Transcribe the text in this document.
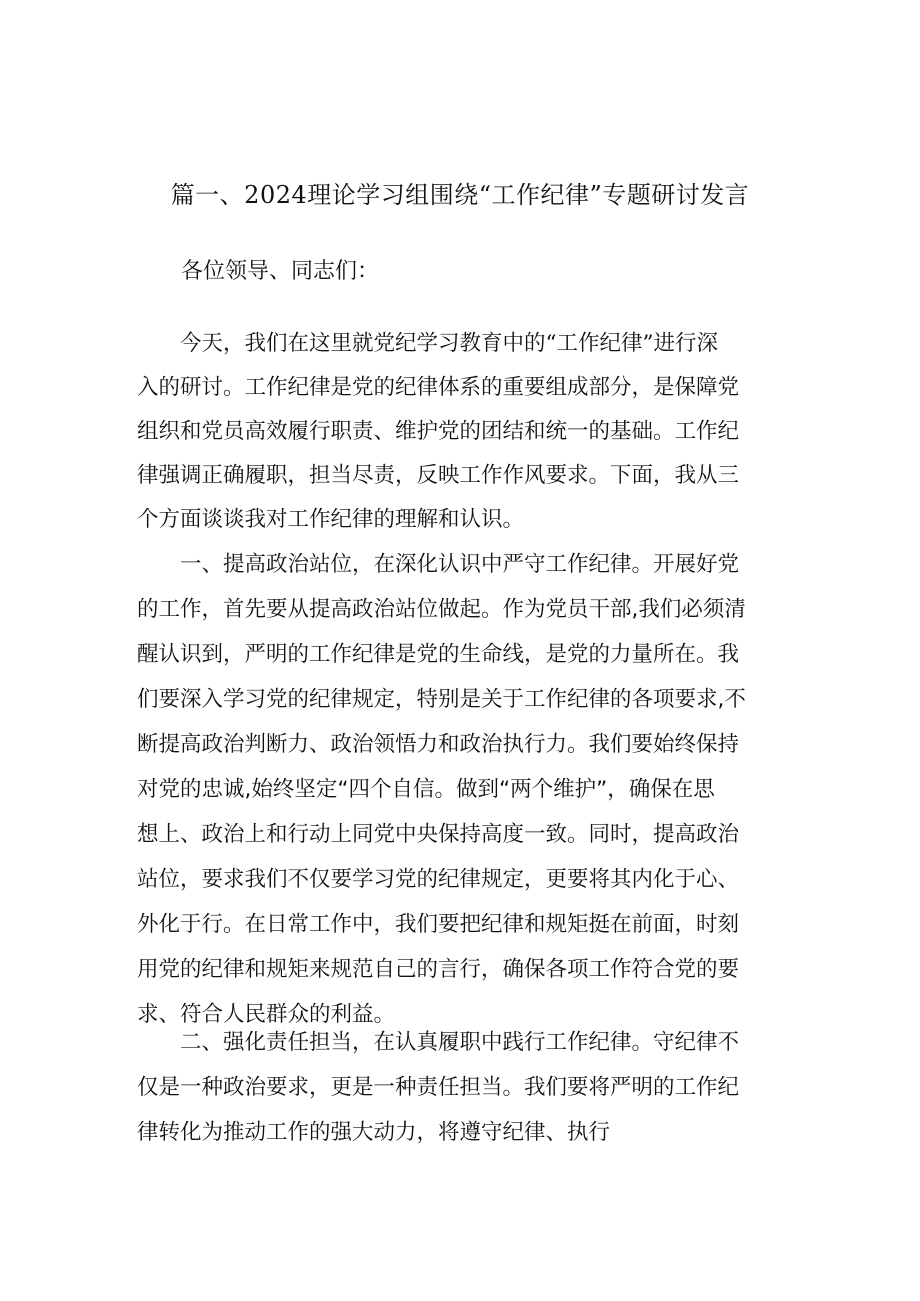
篇一、2024理论学习组围绕“工作纪律”专题研讨发言
各位领导、同志们：
今天，我们在这里就党纪学习教育中的“工作纪律”进行深
入的研讨。工作纪律是党的纪律体系的重要组成部分，是保障党
组织和党员高效履行职责、维护党的团结和统一的基础。工作纪
律强调正确履职，担当尽责，反映工作作风要求。下面，我从三
个方面谈谈我对工作纪律的理解和认识。
一、提高政治站位，在深化认识中严守工作纪律。开展好党
的工作，首先要从提高政治站位做起。作为党员干部,我们必须清
醒认识到，严明的工作纪律是党的生命线，是党的力量所在。我
们要深入学习党的纪律规定，特别是关于工作纪律的各项要求,不
断提高政治判断力、政治领悟力和政治执行力。我们要始终保持
对党的忠诚,始终坚定“四个自信。做到“两个维护”，确保在思
想上、政治上和行动上同党中央保持高度一致。同时，提高政治
站位，要求我们不仅要学习党的纪律规定，更要将其内化于心、
外化于行。在日常工作中，我们要把纪律和规矩挺在前面，时刻
用党的纪律和规矩来规范自己的言行，确保各项工作符合党的要
求、符合人民群众的利益。
二、强化责任担当，在认真履职中践行工作纪律。守纪律不
仅是一种政治要求，更是一种责任担当。我们要将严明的工作纪
律转化为推动工作的强大动力，将遵守纪律、执行
